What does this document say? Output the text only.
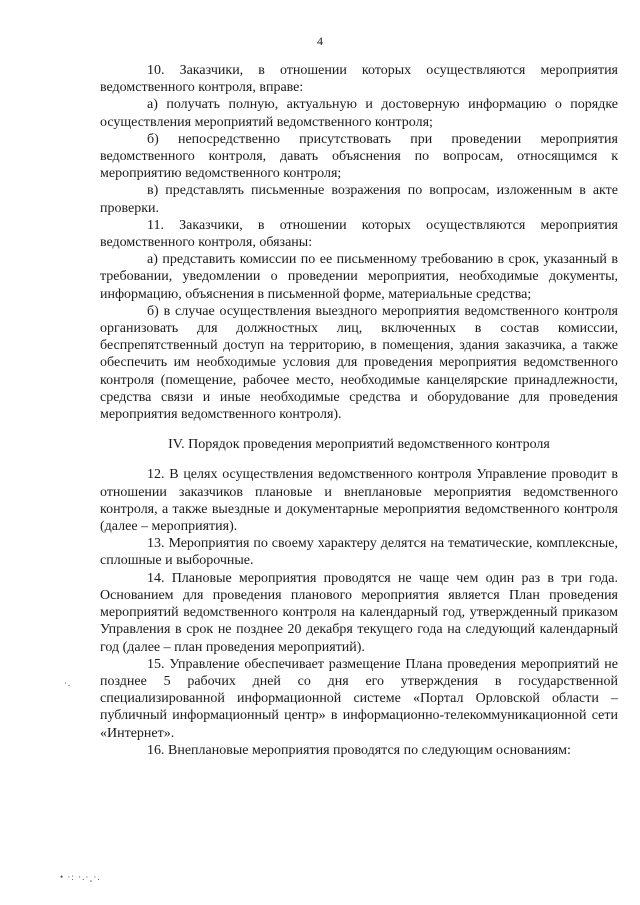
4

10. Заказчики, в отношении которых осуществляются мероприятия ведомственного контроля, вправе:

а) получать полную, актуальную и достоверную информацию о порядке осуществления мероприятий ведомственного контроля;

б) непосредственно присутствовать при проведении мероприятия ведомственного контроля, давать объяснения по вопросам, относящимся к мероприятию ведомственного контроля;

в) представлять письменные возражения по вопросам, изложенным в акте проверки.

11. Заказчики, в отношении которых осуществляются мероприятия ведомственного контроля, обязаны:

а) представить комиссии по ее письменному требованию в срок, указанный в требовании, уведомлении о проведении мероприятия, необходимые документы, информацию, объяснения в письменной форме, материальные средства;

б) в случае осуществления выездного мероприятия ведомственного контроля организовать для должностных лиц, включенных в состав комиссии, беспрепятственный доступ на территорию, в помещения, здания заказчика, а также обеспечить им необходимые условия для проведения мероприятия ведомственного контроля (помещение, рабочее место, необходимые канцелярские принадлежности, средства связи и иные необходимые средства и оборудование для проведения мероприятия ведомственного контроля).

IV. Порядок проведения мероприятий ведомственного контроля

12. В целях осуществления ведомственного контроля Управление проводит в отношении заказчиков плановые и внеплановые мероприятия ведомственного контроля, а также выездные и документарные мероприятия ведомственного контроля (далее – мероприятия).

13. Мероприятия по своему характеру делятся на тематические, комплексные, сплошные и выборочные.

14. Плановые мероприятия проводятся не чаще чем один раз в три года. Основанием для проведения планового мероприятия является План проведения мероприятий ведомственного контроля на календарный год, утвержденный приказом Управления в срок не позднее 20 декабря текущего года на следующий календарный год (далее – план проведения мероприятий).

15. Управление обеспечивает размещение Плана проведения мероприятий не позднее 5 рабочих дней со дня его утверждения в государственной специализированной информационной системе «Портал Орловской области – публичный информационный центр» в информационно-телекоммуникационной сети «Интернет».

16. Внеплановые мероприятия проводятся по следующим основаниям:

·.
• ·: ·.·¸·.
